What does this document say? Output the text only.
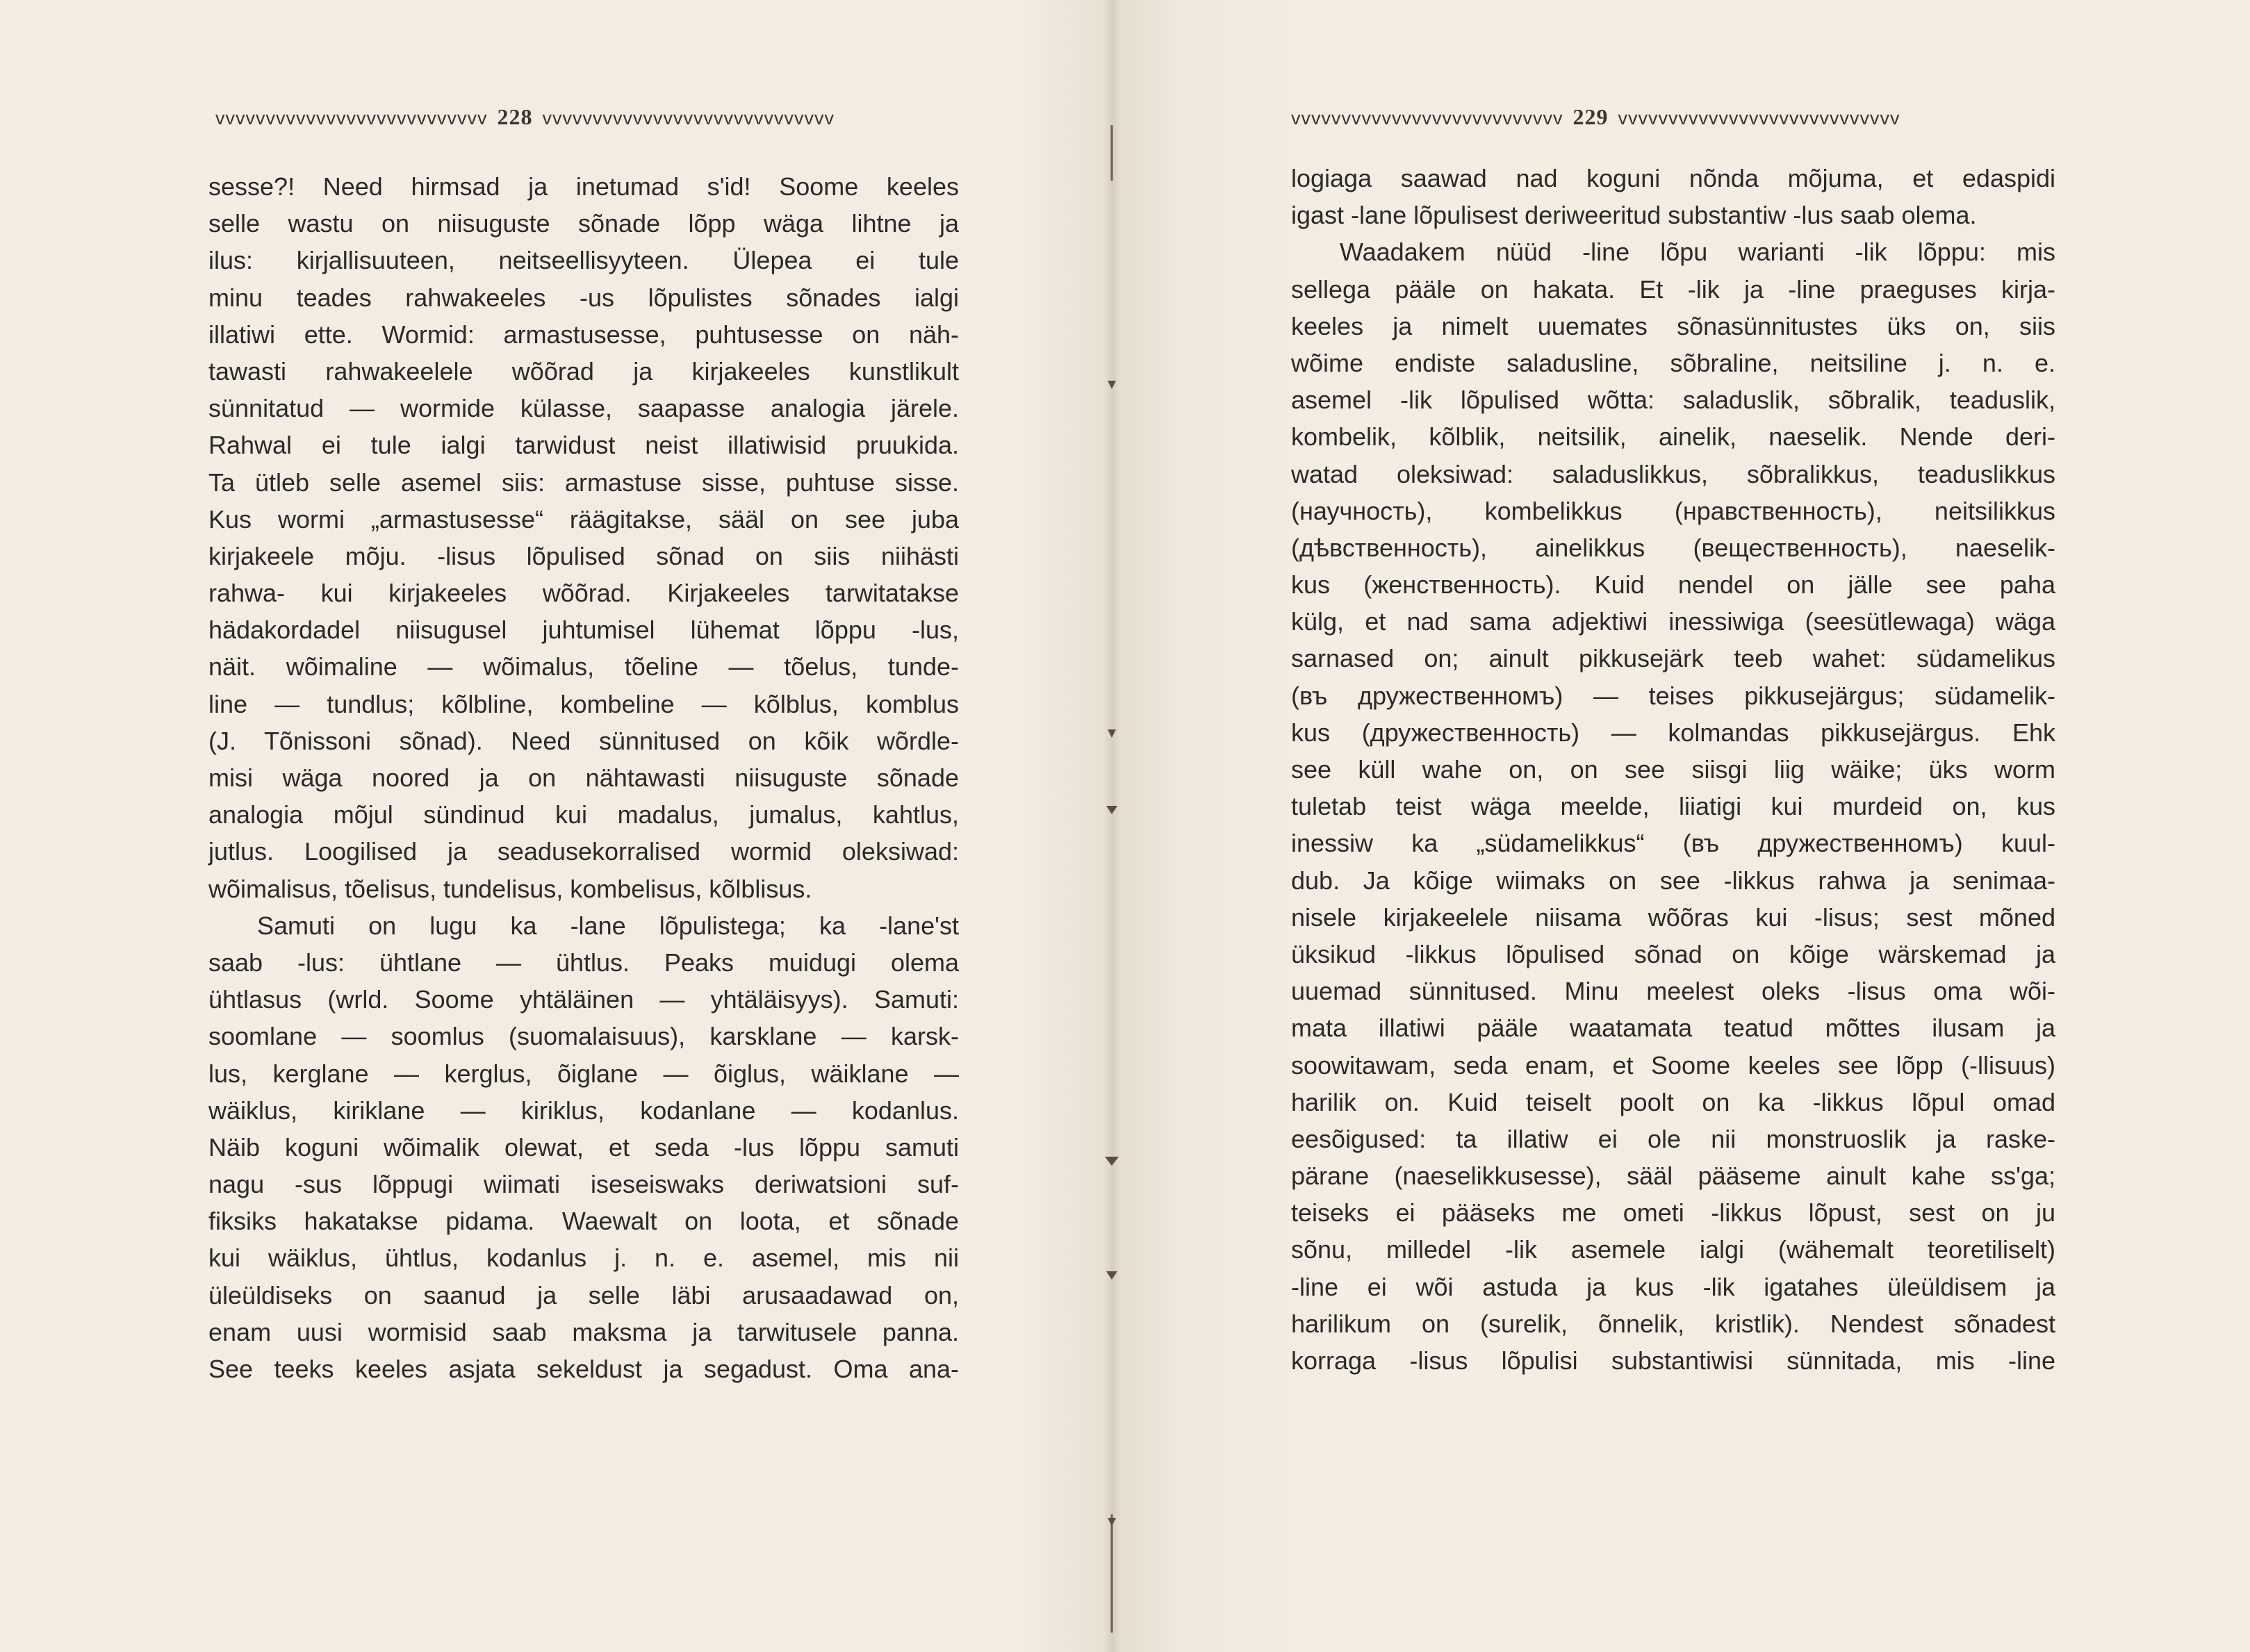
vvvvvvvvvvvvvvvvvvvvvvvvvvv 228 vvvvvvvvvvvvvvvvvvvvvvvvvvvvv
sesse?! Need hirmsad ja inetumad s'id! Soome keeles
selle wastu on niisuguste sõnade lõpp wäga lihtne ja
ilus: kirjallisuuteen, neitseellisyyteen. Ülepea ei tule
minu teades rahwakeeles -us lõpulistes sõnades ialgi
illatiwi ette. Wormid: armastusesse, puhtusesse on näh-
tawasti rahwakeelele wõõrad ja kirjakeeles kunstlikult
sünnitatud — wormide külasse, saapasse analogia järele.
Rahwal ei tule ialgi tarwidust neist illatiwisid pruukida.
Ta ütleb selle asemel siis: armastuse sisse, puhtuse sisse.
Kus wormi „armastusesse“ räägitakse, sääl on see juba
kirjakeele mõju. -lisus lõpulised sõnad on siis niihästi
rahwa- kui kirjakeeles wõõrad. Kirjakeeles tarwitatakse
hädakordadel niisugusel juhtumisel lühemat lõppu -lus,
näit. wõimaline — wõimalus, tõeline — tõelus, tunde-
line — tundlus; kõlbline, kombeline — kõlblus, komblus
(J. Tõnissoni sõnad). Need sünnitused on kõik wõrdle-
misi wäga noored ja on nähtawasti niisuguste sõnade
analogia mõjul sündinud kui madalus, jumalus, kahtlus,
jutlus. Loogilised ja seadusekorralised wormid oleksiwad:
wõimalisus, tõelisus, tundelisus, kombelisus, kõlblisus.
Samuti on lugu ka -lane lõpulistega; ka -lane'st
saab -lus: ühtlane — ühtlus. Peaks muidugi olema
ühtlasus (wrld. Soome yhtäläinen — yhtäläisyys). Samuti:
soomlane — soomlus (suomalaisuus), karsklane — karsk-
lus, kerglane — kerglus, õiglane — õiglus, wäiklane —
wäiklus, kiriklane — kiriklus, kodanlane — kodanlus.
Näib koguni wõimalik olewat, et seda -lus lõppu samuti
nagu -sus lõppugi wiimati iseseiswaks deriwatsioni suf-
fiksiks hakatakse pidama. Waewalt on loota, et sõnade
kui wäiklus, ühtlus, kodanlus j. n. e. asemel, mis nii
üleüldiseks on saanud ja selle läbi arusaadawad on,
enam uusi wormisid saab maksma ja tarwitusele panna.
See teeks keeles asjata sekeldust ja segadust. Oma ana-
vvvvvvvvvvvvvvvvvvvvvvvvvvv 229 vvvvvvvvvvvvvvvvvvvvvvvvvvvv
logiaga saawad nad koguni nõnda mõjuma, et edaspidi
igast -lane lõpulisest deriweeritud substantiw -lus saab olema.
Waadakem nüüd -line lõpu warianti -lik lõppu: mis
sellega pääle on hakata. Et -lik ja -line praeguses kirja-
keeles ja nimelt uuemates sõnasünnitustes üks on, siis
wõime endiste saladusline, sõbraline, neitsiline j. n. e.
asemel -lik lõpulised wõtta: saladuslik, sõbralik, teaduslik,
kombelik, kõlblik, neitsilik, ainelik, naeselik. Nende deri-
watad oleksiwad: saladuslikkus, sõbralikkus, teaduslikkus
(научность), kombelikkus (нравственность), neitsilikkus
(дѣвственность), ainelikkus (вещественность), naeselik-
kus (женственность). Kuid nendel on jälle see paha
külg, et nad sama adjektiwi inessiwiga (seesütlewaga) wäga
sarnased on; ainult pikkusejärk teeb wahet: südamelikus
(въ дружественномъ) — teises pikkusejärgus; südamelik-
kus (дружественность) — kolmandas pikkusejärgus. Ehk
see küll wahe on, on see siisgi liig wäike; üks worm
tuletab teist wäga meelde, liiatigi kui murdeid on, kus
inessiw ka „südamelikkus“ (въ дружественномъ) kuul-
dub. Ja kõige wiimaks on see -likkus rahwa ja senimaa-
nisele kirjakeelele niisama wõõras kui -lisus; sest mõned
üksikud -likkus lõpulised sõnad on kõige wärskemad ja
uuemad sünnitused. Minu meelest oleks -lisus oma wõi-
mata illatiwi pääle waatamata teatud mõttes ilusam ja
soowitawam, seda enam, et Soome keeles see lõpp (-llisuus)
harilik on. Kuid teiselt poolt on ka -likkus lõpul omad
eesõigused: ta illatiw ei ole nii monstruoslik ja raske-
pärane (naeselikkusesse), sääl pääseme ainult kahe ss'ga;
teiseks ei pääseks me ometi -likkus lõpust, sest on ju
sõnu, milledel -lik asemele ialgi (wähemalt teoretiliselt)
-line ei wõi astuda ja kus -lik igatahes üleüldisem ja
harilikum on (surelik, õnnelik, kristlik). Nendest sõnadest
korraga -lisus lõpulisi substantiwisi sünnitada, mis -line
